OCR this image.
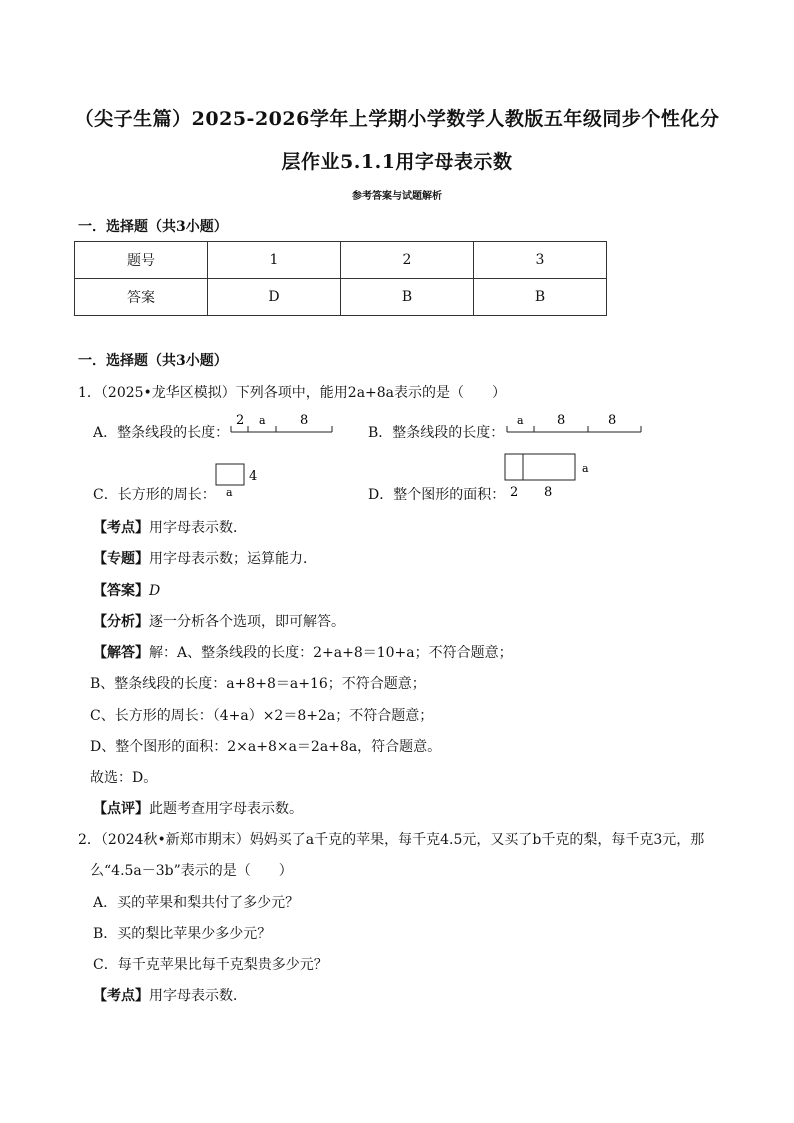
（尖子生篇）2025-2026学年上学期小学数学人教版五年级同步个性化分
层作业5.1.1用字母表示数
参考答案与试题解析
一．选择题（共3小题）
题号	1	2	3
答案	D	B	B
一．选择题（共3小题）
1．（2025•龙华区模拟）下列各项中，能用2a+8a表示的是（　　）
A．整条线段的长度：
2 a	8
B．整条线段的长度：
a	8	8
C．长方形的周长：
4
a	D．整个图形的面积：
a
2 8
【考点】用字母表示数．
【专题】用字母表示数；运算能力．
【答案】D
【分析】逐一分析各个选项，即可解答。
【解答】解：A、整条线段的长度：2+a+8＝10+a；不符合题意；
B、整条线段的长度：a+8+8＝a+16；不符合题意；
C、长方形的周长：（4+a）×2＝8+2a；不符合题意；
D、整个图形的面积：2×a+8×a＝2a+8a，符合题意。
故选：D。
【点评】此题考查用字母表示数。
2．（2024秋•新郑市期末）妈妈买了a千克的苹果，每千克4.5元，又买了b千克的梨，每千克3元，那
么“4.5a－3b”表示的是（　　）
A．买的苹果和梨共付了多少元？
B．买的梨比苹果少多少元？
C．每千克苹果比每千克梨贵多少元？
【考点】用字母表示数．
